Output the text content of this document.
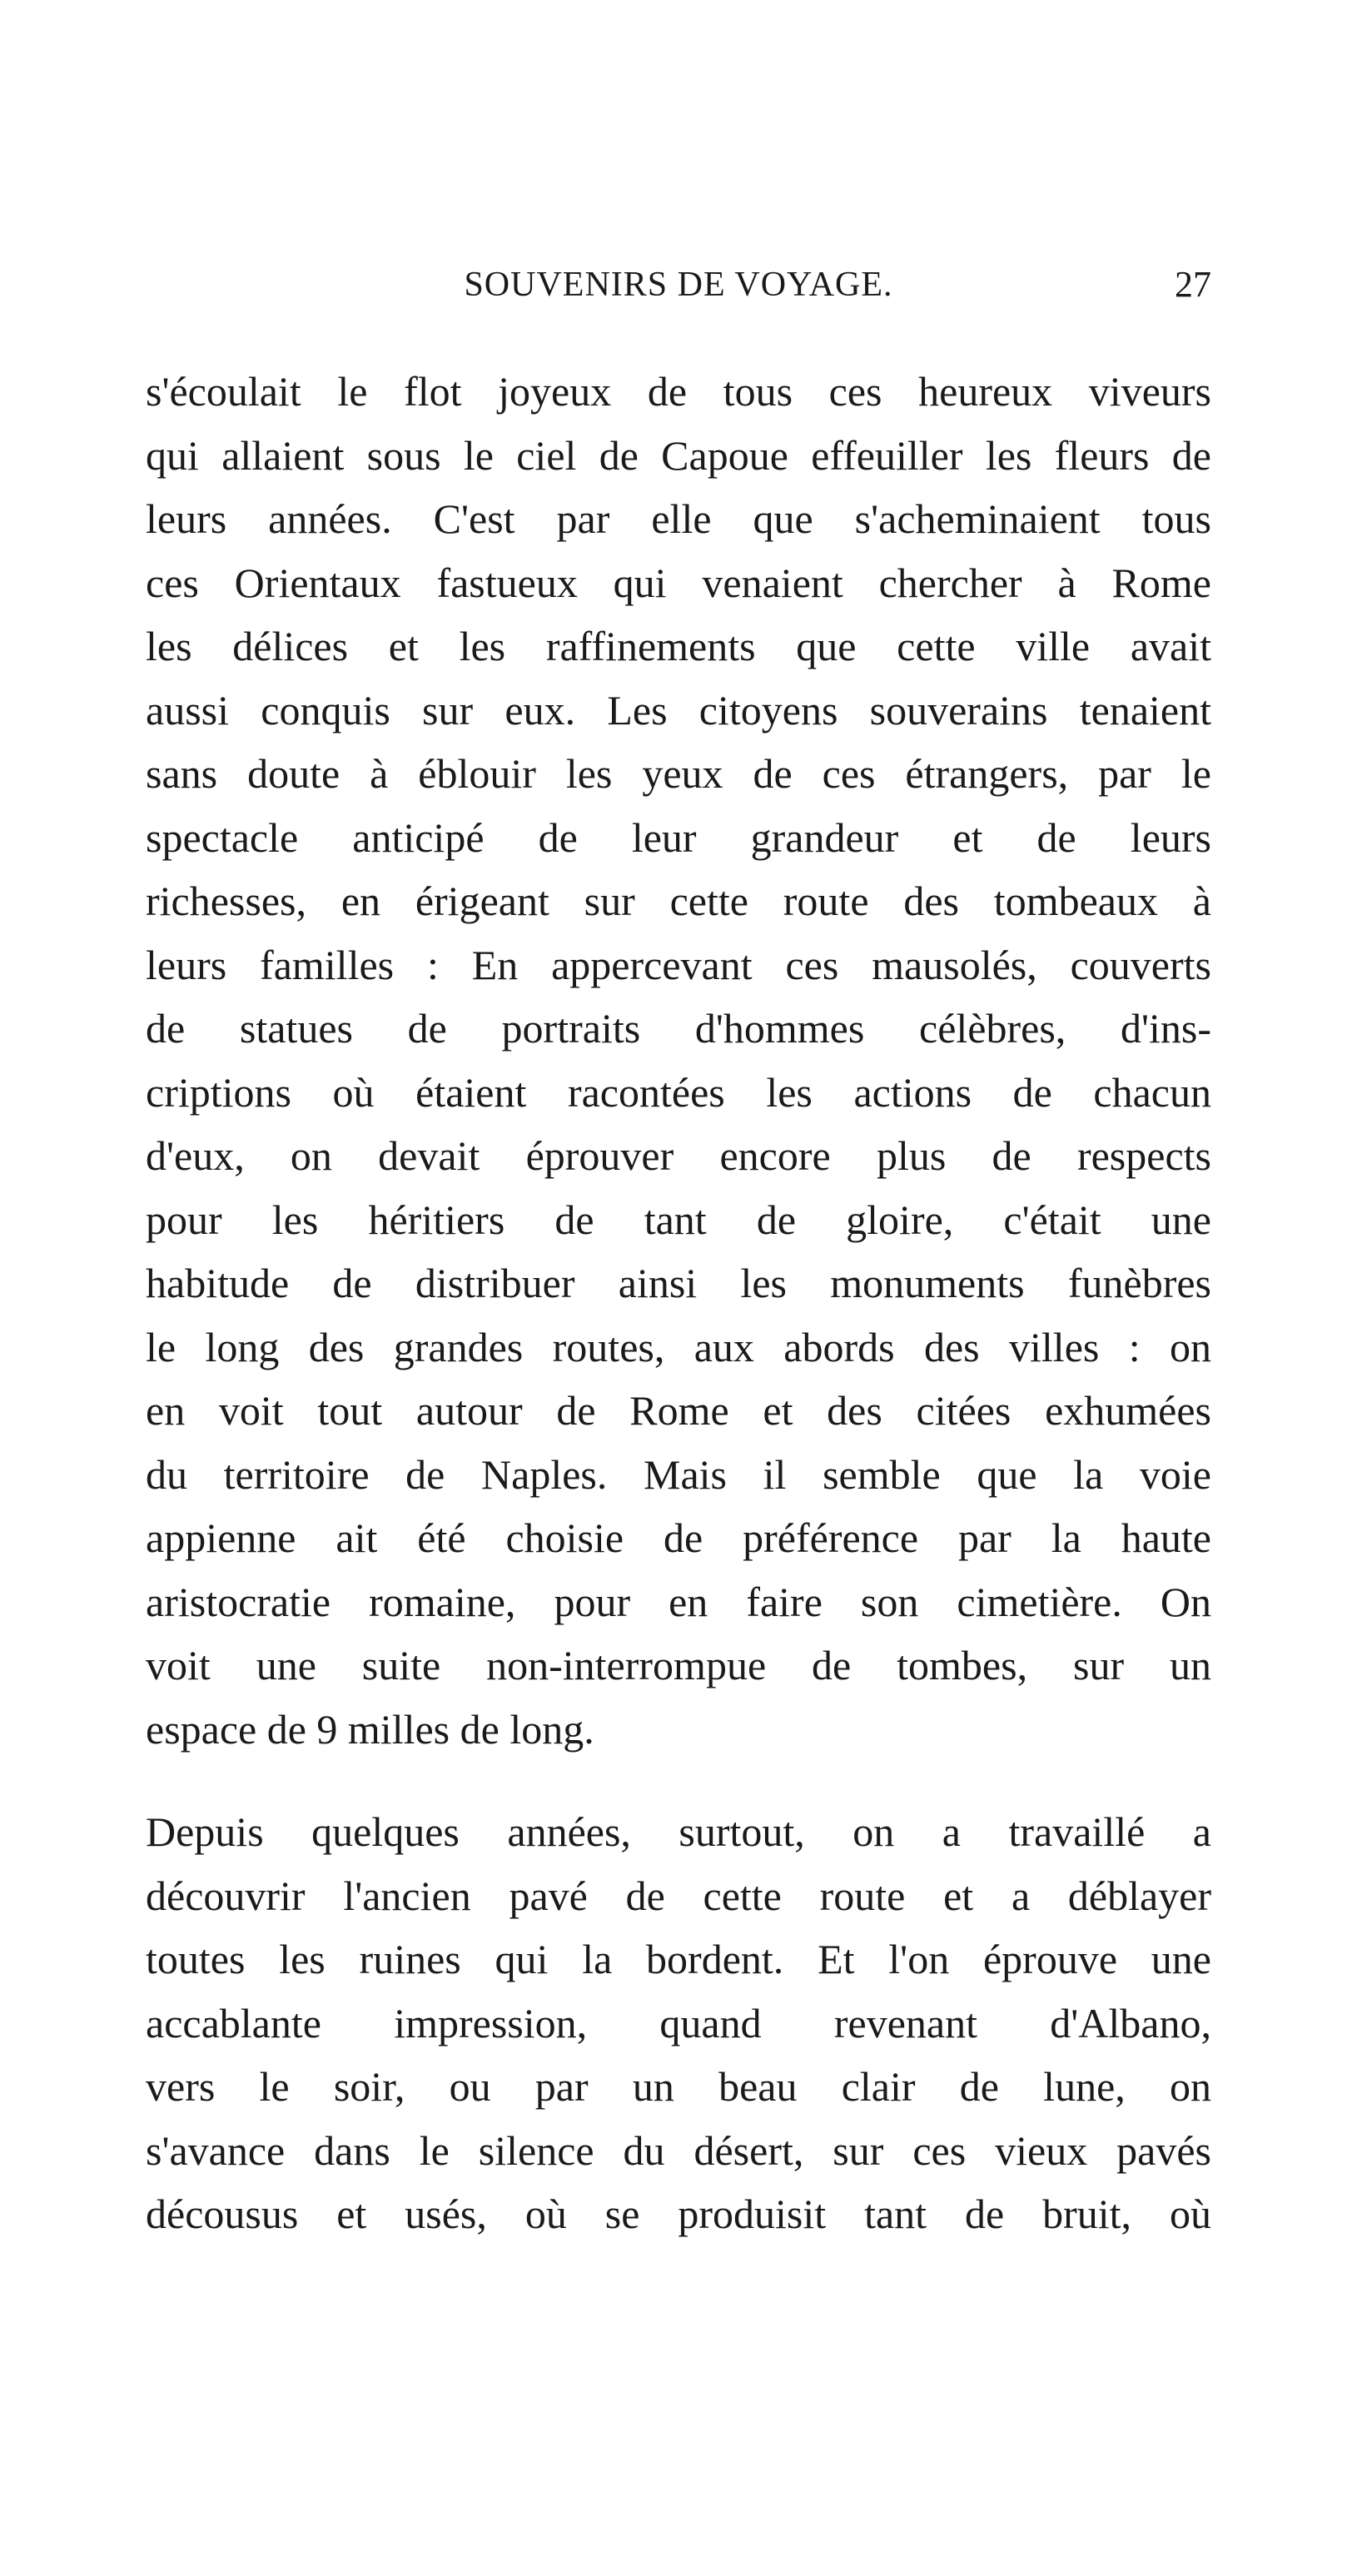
SOUVENIRS DE VOYAGE.	27
s'écoulait le flot joyeux de tous ces heureux viveurs
qui allaient sous le ciel de Capoue effeuiller les fleurs de
leurs années. C'est par elle que s'acheminaient tous
ces Orientaux fastueux qui venaient chercher à Rome
les délices et les raffinements que cette ville avait
aussi conquis sur eux. Les citoyens souverains tenaient
sans doute à éblouir les yeux de ces étrangers, par le
spectacle anticipé de leur grandeur et de leurs
richesses, en érigeant sur cette route des tombeaux à
leurs familles : En appercevant ces mausolés, couverts
de statues de portraits d'hommes célèbres, d'ins-
criptions où étaient racontées les actions de chacun
d'eux, on devait éprouver encore plus de respects
pour les héritiers de tant de gloire, c'était une
habitude de distribuer ainsi les monuments funèbres
le long des grandes routes, aux abords des villes : on
en voit tout autour de Rome et des citées exhumées
du territoire de Naples. Mais il semble que la voie
appienne ait été choisie de préférence par la haute
aristocratie romaine, pour en faire son cimetière. On
voit une suite non-interrompue de tombes, sur un
espace de 9 milles de long.
Depuis quelques années, surtout, on a travaillé a
découvrir l'ancien pavé de cette route et a déblayer
toutes les ruines qui la bordent. Et l'on éprouve une
accablante impression, quand revenant d'Albano,
vers le soir, ou par un beau clair de lune, on
s'avance dans le silence du désert, sur ces vieux pavés
décousus et usés, où se produisit tant de bruit, où
